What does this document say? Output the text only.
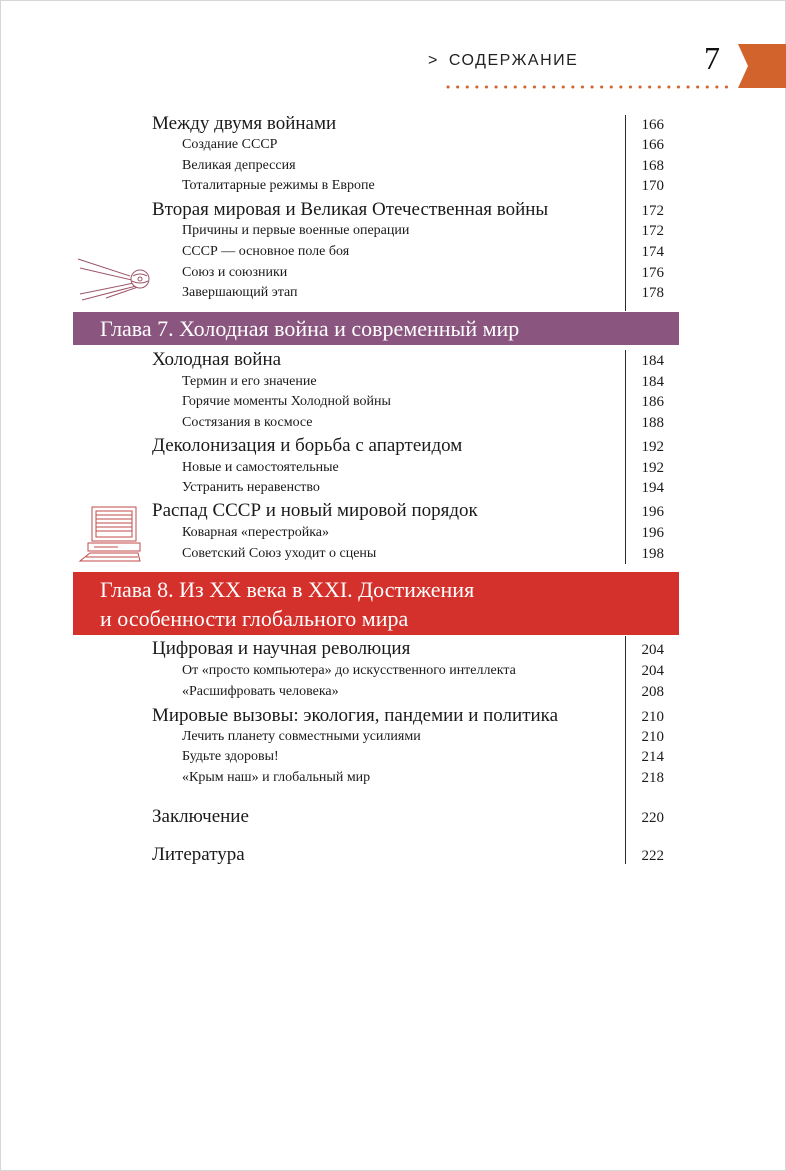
> СОДЕРЖАНИЕ	7
Между двумя войнами	166
Создание СССР	166
Великая депрессия	168
Тоталитарные режимы в Европе	170
Вторая мировая и Великая Отечественная войны	172
Причины и первые военные операции	172
СССР — основное поле боя	174
Союз и союзники	176
Завершающий этап	178
Глава 7. Холодная война и современный мир
Холодная война	184
Термин и его значение	184
Горячие моменты Холодной войны	186
Состязания в космосе	188
Деколонизация и борьба с апартеидом	192
Новые и самостоятельные	192
Устранить неравенство	194
Распад СССР и новый мировой порядок	196
Коварная «перестройка»	196
Советский Союз уходит о сцены	198
Глава 8. Из XX века в XXI. Достижения
и особенности глобального мира
Цифровая и научная революция	204
От «просто компьютера» до искусственного интеллекта	204
«Расшифровать человека»	208
Мировые вызовы: экология, пандемии и политика	210
Лечить планету совместными усилиями	210
Будьте здоровы!	214
«Крым наш» и глобальный мир	218
Заключение	220
Литература	222
